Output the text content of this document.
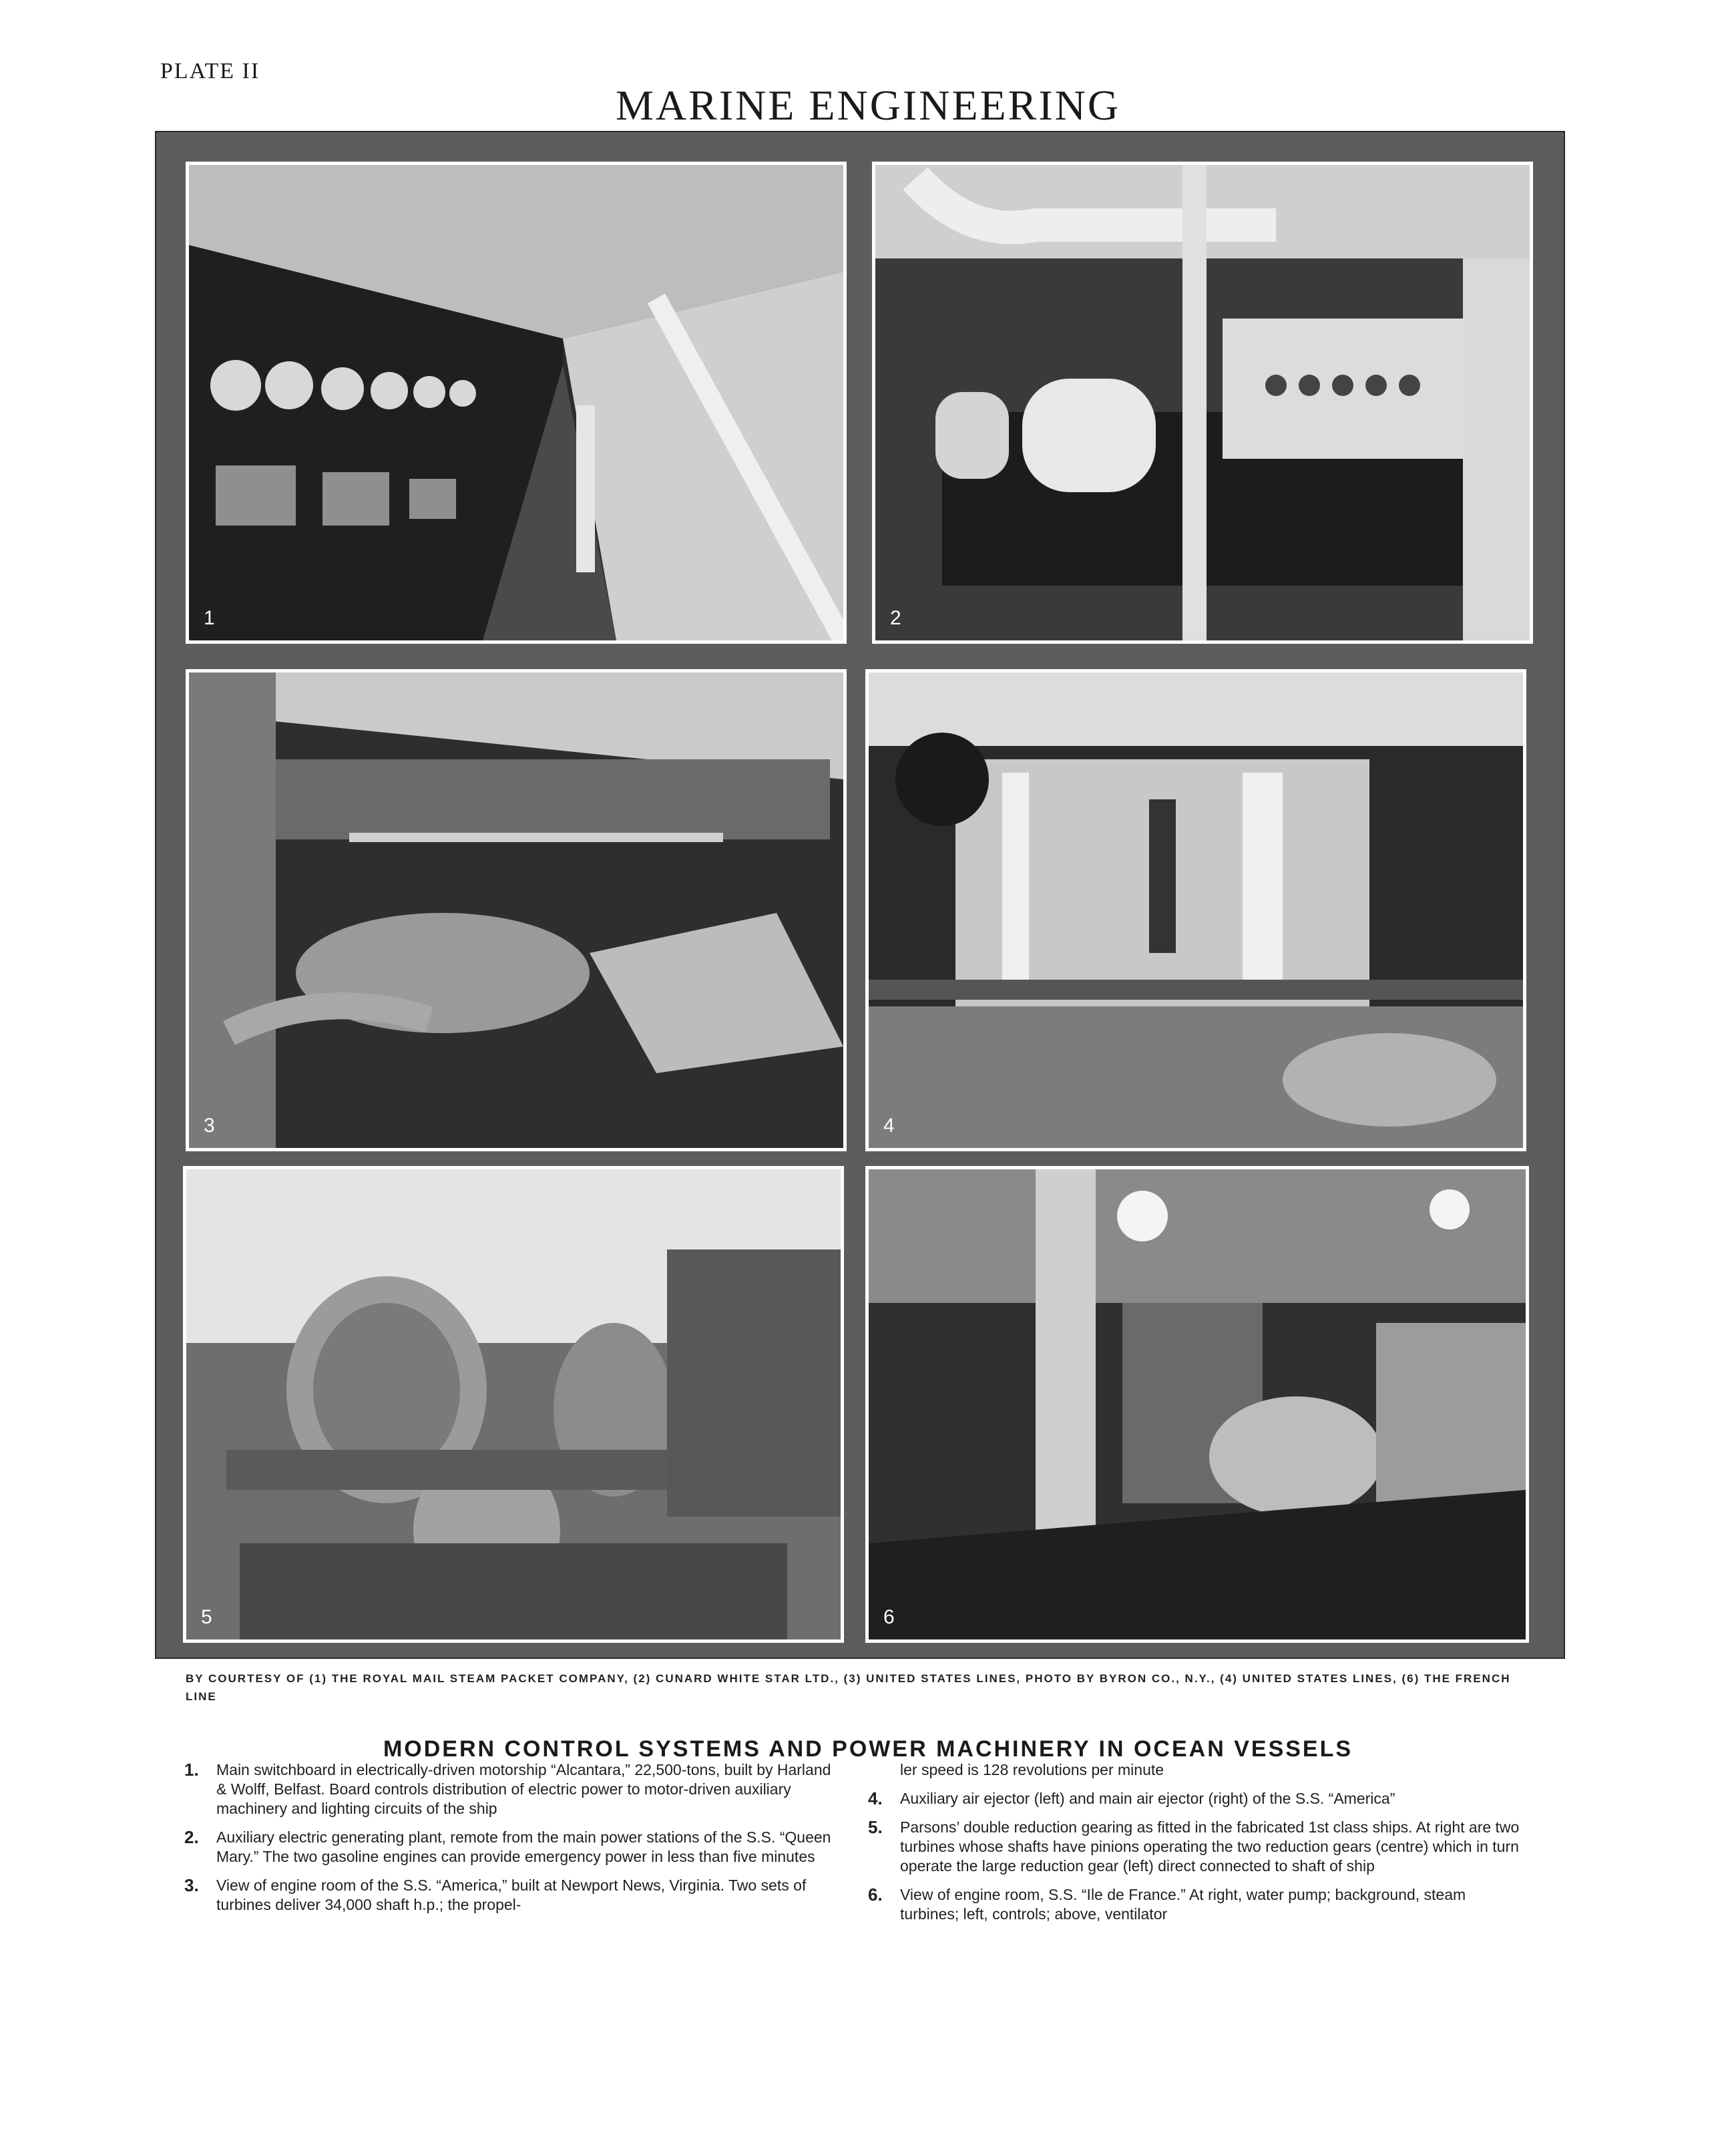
PLATE II
MARINE ENGINEERING
1	2
3	4
5	6
BY COURTESY OF (1) THE ROYAL MAIL STEAM PACKET COMPANY, (2) CUNARD WHITE STAR LTD., (3) UNITED STATES LINES, PHOTO BY BYRON CO., N.Y., (4) UNITED STATES LINES, (6) THE FRENCH LINE
MODERN CONTROL SYSTEMS AND POWER MACHINERY IN OCEAN VESSELS
1. Main switchboard in electrically-driven motorship “Alcantara,” 22,500-tons, built by Harland & Wolff, Belfast. Board controls distribution of electric power to motor-driven auxiliary machinery and lighting circuits of the ship
2. Auxiliary electric generating plant, remote from the main power stations of the S.S. “Queen Mary.” The two gasoline engines can provide emergency power in less than five minutes
3. View of engine room of the S.S. “America,” built at Newport News, Virginia. Two sets of turbines deliver 34,000 shaft h.p.; the propel-
ler speed is 128 revolutions per minute
4. Auxiliary air ejector (left) and main air ejector (right) of the S.S. “America”
5. Parsons’ double reduction gearing as fitted in the fabricated 1st class ships. At right are two turbines whose shafts have pinions operating the two reduction gears (centre) which in turn operate the large reduction gear (left) direct connected to shaft of ship
6. View of engine room, S.S. “Ile de France.” At right, water pump; background, steam turbines; left, controls; above, ventilator
